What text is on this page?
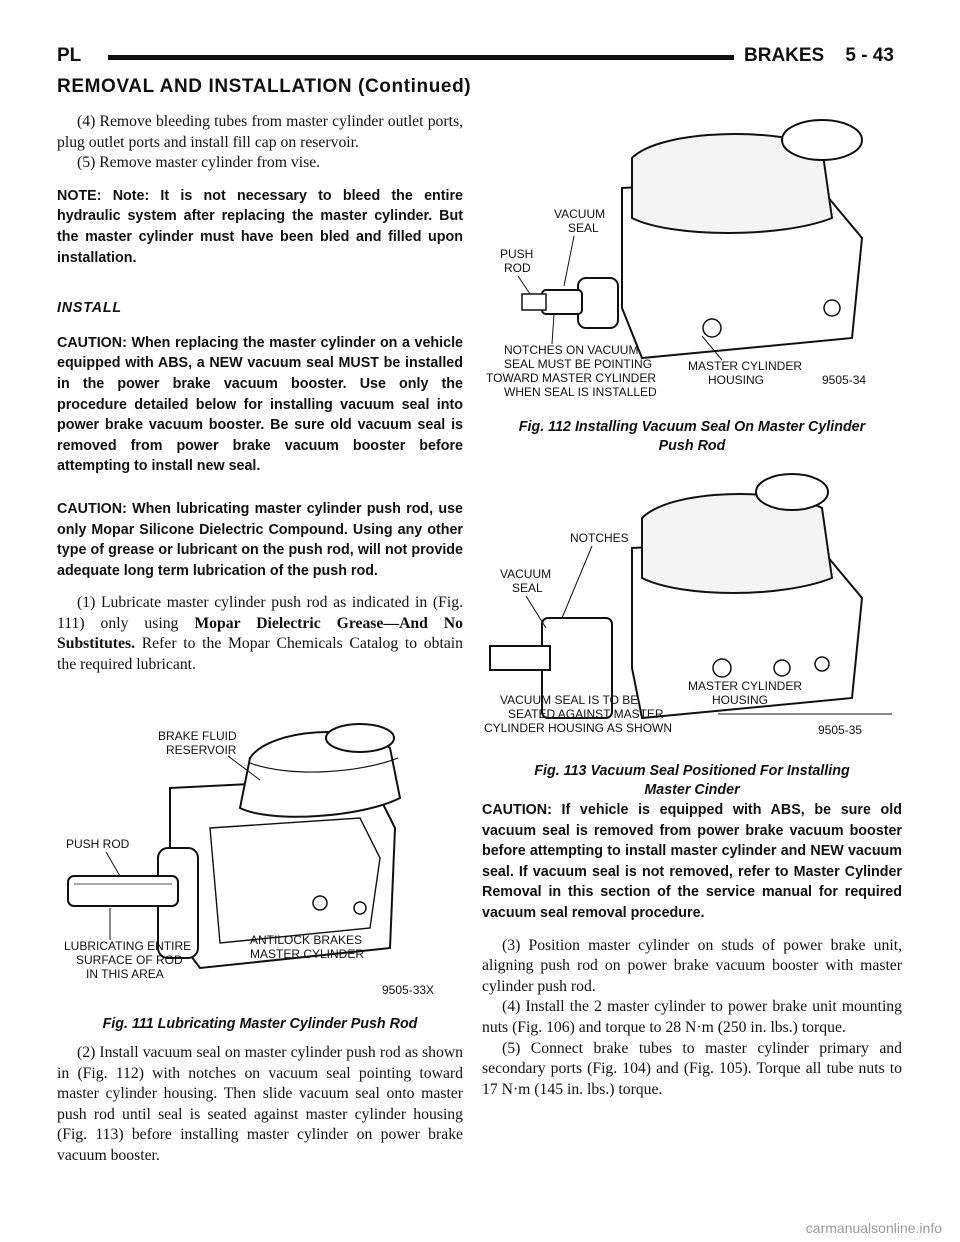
PL	BRAKES    5 - 43
REMOVAL AND INSTALLATION (Continued)

(4) Remove bleeding tubes from master cylinder outlet ports, plug outlet ports and install fill cap on reservoir.

(5) Remove master cylinder from vise.

NOTE: Note: It is not necessary to bleed the entire hydraulic system after replacing the master cylinder. But the master cylinder must have been bled and filled upon installation.

INSTALL

CAUTION: When replacing the master cylinder on a vehicle equipped with ABS, a NEW vacuum seal MUST be installed in the power brake vacuum booster. Use only the procedure detailed below for installing vacuum seal into power brake vacuum booster. Be sure old vacuum seal is removed from power brake vacuum booster before attempting to install new seal.

CAUTION: When lubricating master cylinder push rod, use only Mopar Silicone Dielectric Compound. Using any other type of grease or lubricant on the push rod, will not provide adequate long term lubrication of the push rod.

(1) Lubricate master cylinder push rod as indicated in (Fig. 111) only using Mopar Dielectric Grease—And No Substitutes. Refer to the Mopar Chemicals Catalog to obtain the required lubricant.

BRAKE FLUID
RESERVOIR
PUSH ROD
LUBRICATING ENTIRE
SURFACE OF ROD
IN THIS AREA
ANTILOCK BRAKES
MASTER CYLINDER
9505-33X
Fig. 111 Lubricating Master Cylinder Push Rod

(2) Install vacuum seal on master cylinder push rod as shown in (Fig. 112) with notches on vacuum seal pointing toward master cylinder housing. Then slide vacuum seal onto master push rod until seal is seated against master cylinder housing (Fig. 113) before installing master cylinder on power brake vacuum booster.

VACUUM
SEAL
PUSH
ROD
NOTCHES ON VACUUM
SEAL MUST BE POINTING
TOWARD MASTER CYLINDER
WHEN SEAL IS INSTALLED
MASTER CYLINDER
HOUSING	9505-34
Fig. 112 Installing Vacuum Seal On Master Cylinder
Push Rod
NOTCHES
VACUUM
SEAL
VACUUM SEAL IS TO BE
SEATED AGAINST MASTER
CYLINDER HOUSING AS SHOWN
MASTER CYLINDER
HOUSING
9505-35
Fig. 113 Vacuum Seal Positioned For Installing
Master Cinder

CAUTION: If vehicle is equipped with ABS, be sure old vacuum seal is removed from power brake vacuum booster before attempting to install master cylinder and NEW vacuum seal. If vacuum seal is not removed, refer to Master Cylinder Removal in this section of the service manual for required vacuum seal removal procedure.

(3) Position master cylinder on studs of power brake unit, aligning push rod on power brake vacuum booster with master cylinder push rod.

(4) Install the 2 master cylinder to power brake unit mounting nuts (Fig. 106) and torque to 28 N·m (250 in. lbs.) torque.

(5) Connect brake tubes to master cylinder primary and secondary ports (Fig. 104) and (Fig. 105). Torque all tube nuts to 17 N·m (145 in. lbs.) torque.

carmanualsonline.info
